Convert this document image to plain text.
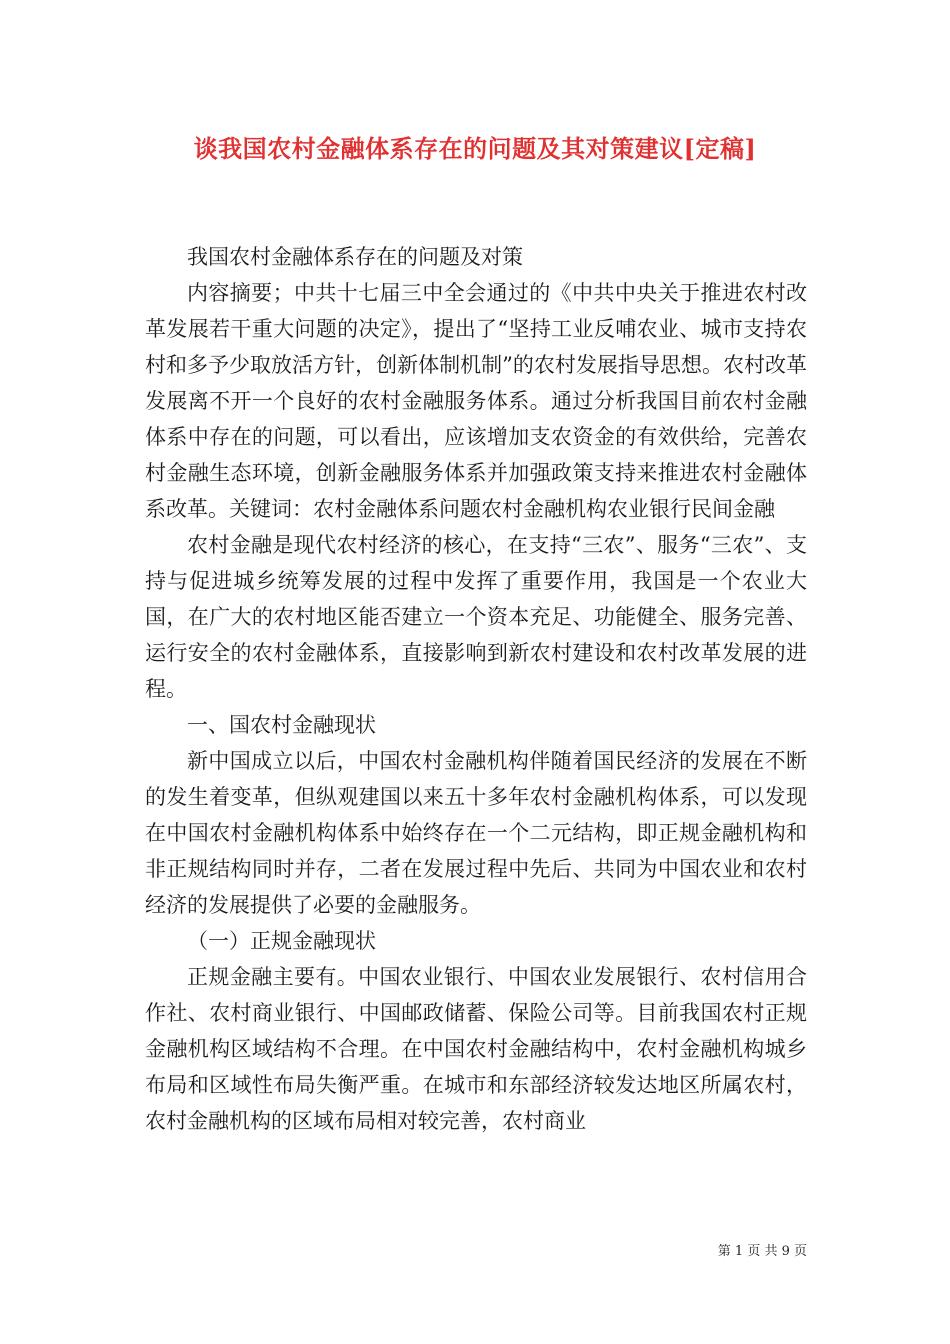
谈我国农村金融体系存在的问题及其对策建议[定稿]

我国农村金融体系存在的问题及对策

内容摘要；中共十七届三中全会通过的《中共中央关于推进农村改革发展若干重大问题的决定》，提出了“坚持工业反哺农业、城市支持农村和多予少取放活方针，创新体制机制”的农村发展指导思想。农村改革发展离不开一个良好的农村金融服务体系。通过分析我国目前农村金融体系中存在的问题，可以看出，应该增加支农资金的有效供给，完善农村金融生态环境，创新金融服务体系并加强政策支持来推进农村金融体系改革。关键词：农村金融体系问题农村金融机构农业银行民间金融

农村金融是现代农村经济的核心，在支持“三农”、服务“三农”、支持与促进城乡统筹发展的过程中发挥了重要作用，我国是一个农业大国，在广大的农村地区能否建立一个资本充足、功能健全、服务完善、运行安全的农村金融体系，直接影响到新农村建设和农村改革发展的进程。

一、国农村金融现状

新中国成立以后，中国农村金融机构伴随着国民经济的发展在不断的发生着变革，但纵观建国以来五十多年农村金融机构体系，可以发现在中国农村金融机构体系中始终存在一个二元结构，即正规金融机构和非正规结构同时并存，二者在发展过程中先后、共同为中国农业和农村经济的发展提供了必要的金融服务。

（一）正规金融现状

正规金融主要有。中国农业银行、中国农业发展银行、农村信用合作社、农村商业银行、中国邮政储蓄、保险公司等。目前我国农村正规金融机构区域结构不合理。在中国农村金融结构中，农村金融机构城乡布局和区域性布局失衡严重。在城市和东部经济较发达地区所属农村，农村金融机构的区域布局相对较完善，农村商业

第 1 页 共 9 页
